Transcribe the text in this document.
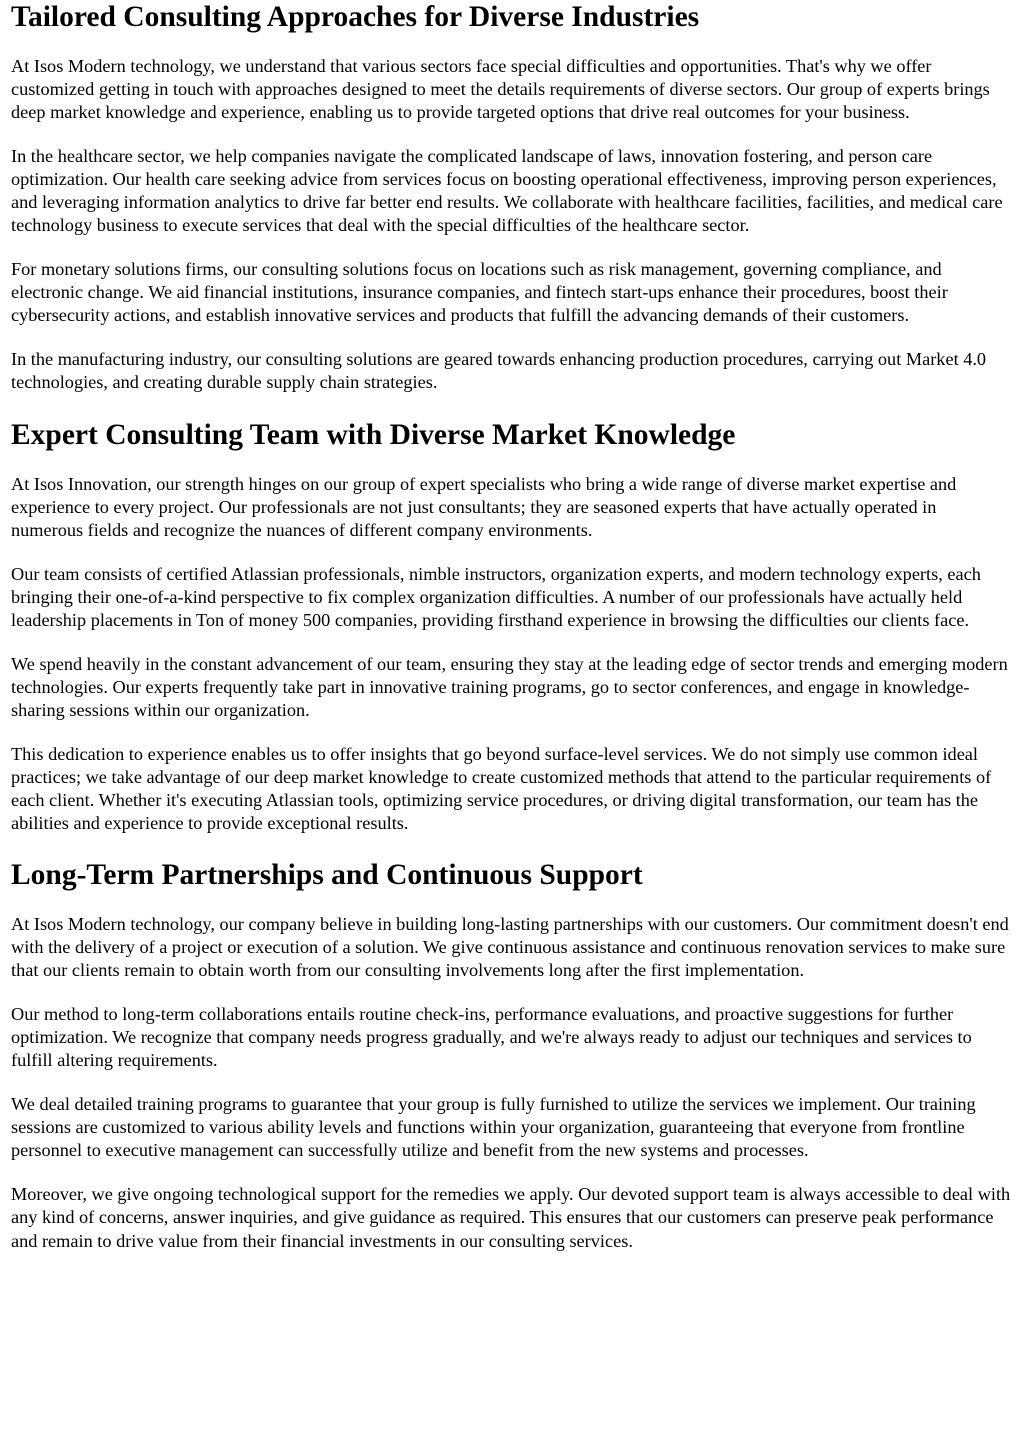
Tailored Consulting Approaches for Diverse Industries

At Isos Modern technology, we understand that various sectors face special difficulties and opportunities. That's why we offer customized getting in touch with approaches designed to meet the details requirements of diverse sectors. Our group of experts brings deep market knowledge and experience, enabling us to provide targeted options that drive real outcomes for your business.

In the healthcare sector, we help companies navigate the complicated landscape of laws, innovation fostering, and person care optimization. Our health care seeking advice from services focus on boosting operational effectiveness, improving person experiences, and leveraging information analytics to drive far better end results. We collaborate with healthcare facilities, facilities, and medical care technology business to execute services that deal with the special difficulties of the healthcare sector.

For monetary solutions firms, our consulting solutions focus on locations such as risk management, governing compliance, and electronic change. We aid financial institutions, insurance companies, and fintech start-ups enhance their procedures, boost their cybersecurity actions, and establish innovative services and products that fulfill the advancing demands of their customers.

In the manufacturing industry, our consulting solutions are geared towards enhancing production procedures, carrying out Market 4.0 technologies, and creating durable supply chain strategies.

Expert Consulting Team with Diverse Market Knowledge

At Isos Innovation, our strength hinges on our group of expert specialists who bring a wide range of diverse market expertise and experience to every project. Our professionals are not just consultants; they are seasoned experts that have actually operated in numerous fields and recognize the nuances of different company environments.

Our team consists of certified Atlassian professionals, nimble instructors, organization experts, and modern technology experts, each bringing their one-of-a-kind perspective to fix complex organization difficulties. A number of our professionals have actually held leadership placements in Ton of money 500 companies, providing firsthand experience in browsing the difficulties our clients face.

We spend heavily in the constant advancement of our team, ensuring they stay at the leading edge of sector trends and emerging modern technologies. Our experts frequently take part in innovative training programs, go to sector conferences, and engage in knowledge-sharing sessions within our organization.

This dedication to experience enables us to offer insights that go beyond surface-level services. We do not simply use common ideal practices; we take advantage of our deep market knowledge to create customized methods that attend to the particular requirements of each client. Whether it's executing Atlassian tools, optimizing service procedures, or driving digital transformation, our team has the abilities and experience to provide exceptional results.

Long-Term Partnerships and Continuous Support

At Isos Modern technology, our company believe in building long-lasting partnerships with our customers. Our commitment doesn't end with the delivery of a project or execution of a solution. We give continuous assistance and continuous renovation services to make sure that our clients remain to obtain worth from our consulting involvements long after the first implementation.

Our method to long-term collaborations entails routine check-ins, performance evaluations, and proactive suggestions for further optimization. We recognize that company needs progress gradually, and we're always ready to adjust our techniques and services to fulfill altering requirements.

We deal detailed training programs to guarantee that your group is fully furnished to utilize the services we implement. Our training sessions are customized to various ability levels and functions within your organization, guaranteeing that everyone from frontline personnel to executive management can successfully utilize and benefit from the new systems and processes.

Moreover, we give ongoing technological support for the remedies we apply. Our devoted support team is always accessible to deal with any kind of concerns, answer inquiries, and give guidance as required. This ensures that our customers can preserve peak performance and remain to drive value from their financial investments in our consulting services.
